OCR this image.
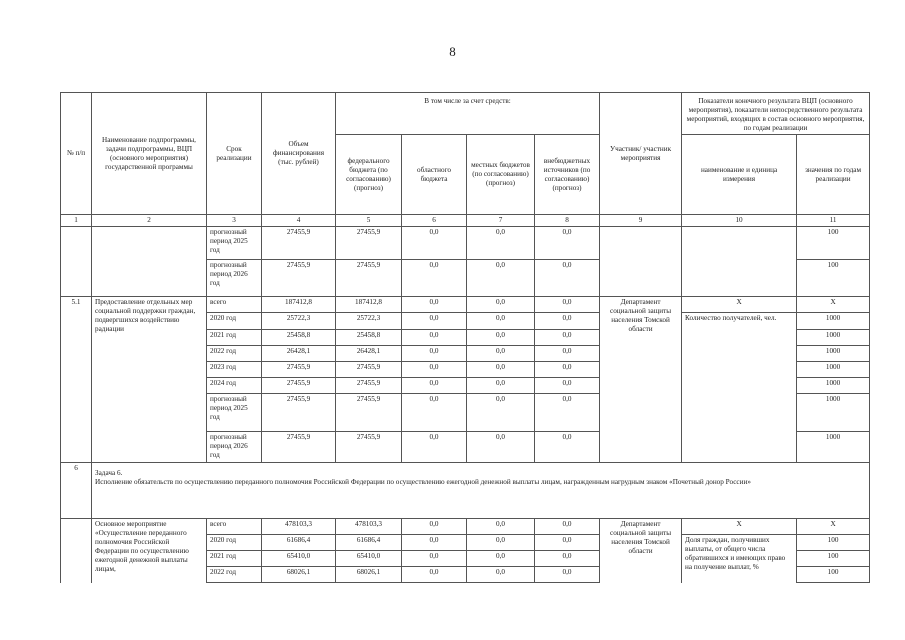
8
№ п/п	Наименование подпрограммы, задачи подпрограммы, ВЦП (основного мероприятия) государственной программы	Срок реализации	Объем финансирования (тыс. рублей)	В том числе за счет средств:				Участник/ участник мероприятия	Показатели конечного результата ВЦП (основного мероприятия), показатели непосредственного результата мероприятий, входящих в состав основного мероприятия, по годам реализации	
				федерального бюджета (по согласованию) (прогноз)	областного бюджета	местных бюджетов (по согласованию) (прогноз)	внебюджетных источников (по согласованию) (прогноз)		наименование и единица измерения	значения по годам реализации
1	2	3	4	5	6	7	8	9	10	11
		прогнозный период 2025 год	27455,9	27455,9	0,0	0,0	0,0			100
		прогнозный период 2026 год	27455,9	27455,9	0,0	0,0	0,0			100
5.1	Предоставление отдельных мер социальной поддержки граждан, подвергшихся воздействию радиации	всего	187412,8	187412,8	0,0	0,0	0,0	Департамент социальной защиты населения Томской области	Х	Х
		2020 год	25722,3	25722,3	0,0	0,0	0,0		Количество получателей, чел.	1000
		2021 год	25458,8	25458,8	0,0	0,0	0,0			1000
		2022 год	26428,1	26428,1	0,0	0,0	0,0			1000
		2023 год	27455,9	27455,9	0,0	0,0	0,0			1000
		2024 год	27455,9	27455,9	0,0	0,0	0,0			1000
		прогнозный период 2025 год	27455,9	27455,9	0,0	0,0	0,0			1000
		прогнозный период 2026 год	27455,9	27455,9	0,0	0,0	0,0			1000
6	Задача 6.
Исполнение обязательств по осуществлению переданного полномочия Российской Федерации по осуществлению ежегодной денежной выплаты лицам, награжденным нагрудным знаком «Почетный донор России»									

	Основное мероприятие «Осуществление переданного полномочия Российской Федерации по осуществлению ежегодной денежной выплаты лицам,	всего	478103,3	478103,3	0,0	0,0	0,0	Департамент социальной защиты населения Томской области	Х	Х
		2020 год	61686,4	61686,4	0,0	0,0	0,0		Доля граждан, получивших выплаты, от общего числа обратившихся и имеющих право на получение выплат, %	100
		2021 год	65410,0	65410,0	0,0	0,0	0,0			100
		2022 год	68026,1	68026,1	0,0	0,0	0,0			100
